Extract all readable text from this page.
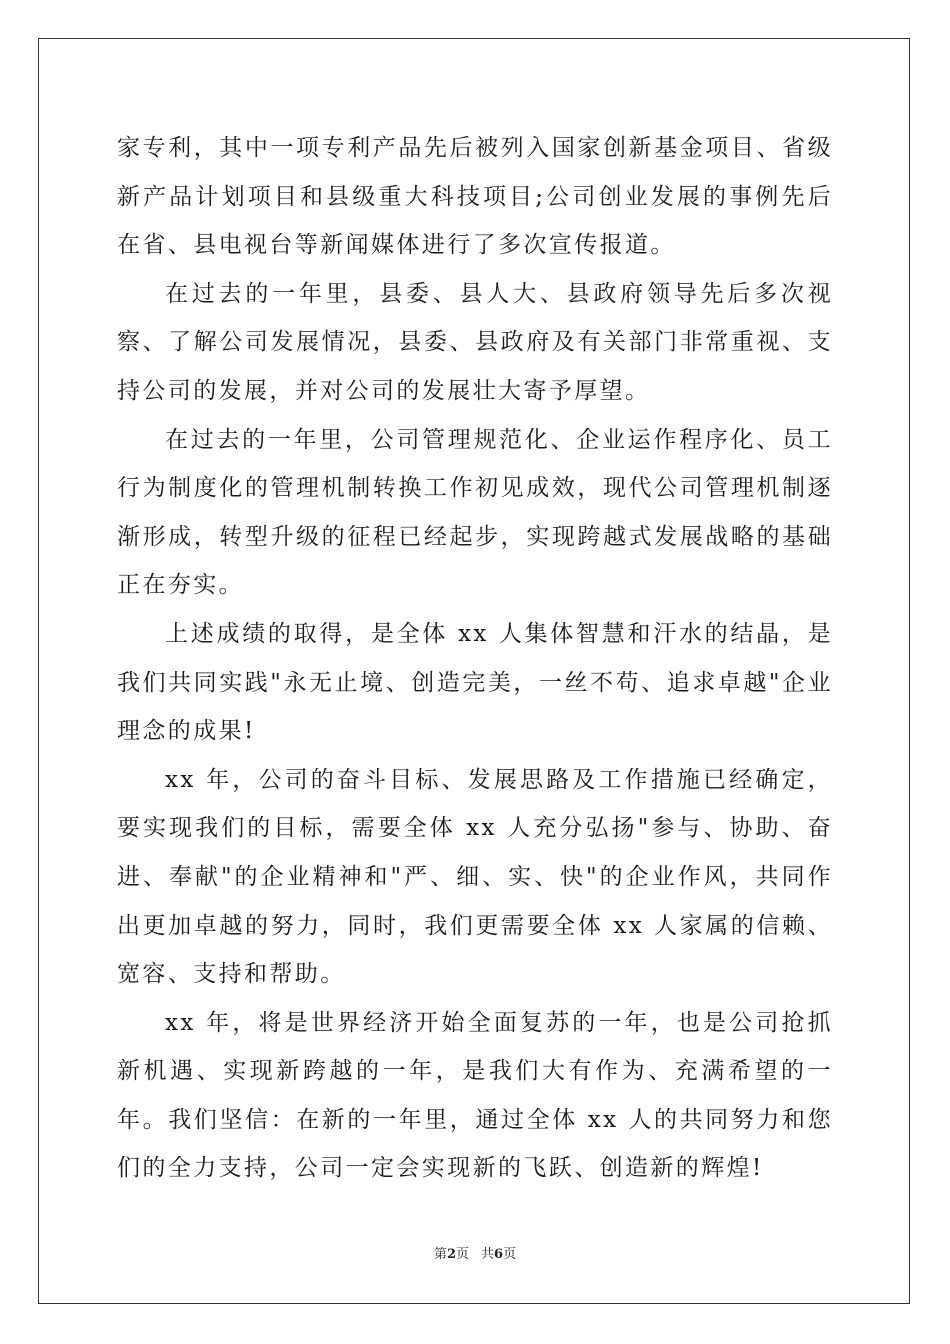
家专利，其中一项专利产品先后被列入国家创新基金项目、省级新产品计划项目和县级重大科技项目;公司创业发展的事例先后在省、县电视台等新闻媒体进行了多次宣传报道。

在过去的一年里，县委、县人大、县政府领导先后多次视察、了解公司发展情况，县委、县政府及有关部门非常重视、支持公司的发展，并对公司的发展壮大寄予厚望。

在过去的一年里，公司管理规范化、企业运作程序化、员工行为制度化的管理机制转换工作初见成效，现代公司管理机制逐渐形成，转型升级的征程已经起步，实现跨越式发展战略的基础正在夯实。

上述成绩的取得，是全体 xx 人集体智慧和汗水的结晶，是我们共同实践"永无止境、创造完美，一丝不苟、追求卓越"企业理念的成果!

xx 年，公司的奋斗目标、发展思路及工作措施已经确定，要实现我们的目标，需要全体 xx 人充分弘扬"参与、协助、奋进、奉献"的企业精神和"严、细、实、快"的企业作风，共同作出更加卓越的努力，同时，我们更需要全体 xx 人家属的信赖、宽容、支持和帮助。

xx 年，将是世界经济开始全面复苏的一年，也是公司抢抓新机遇、实现新跨越的一年，是我们大有作为、充满希望的一年。我们坚信：在新的一年里，通过全体 xx 人的共同努力和您们的全力支持，公司一定会实现新的飞跃、创造新的辉煌!

第2页 共6页
